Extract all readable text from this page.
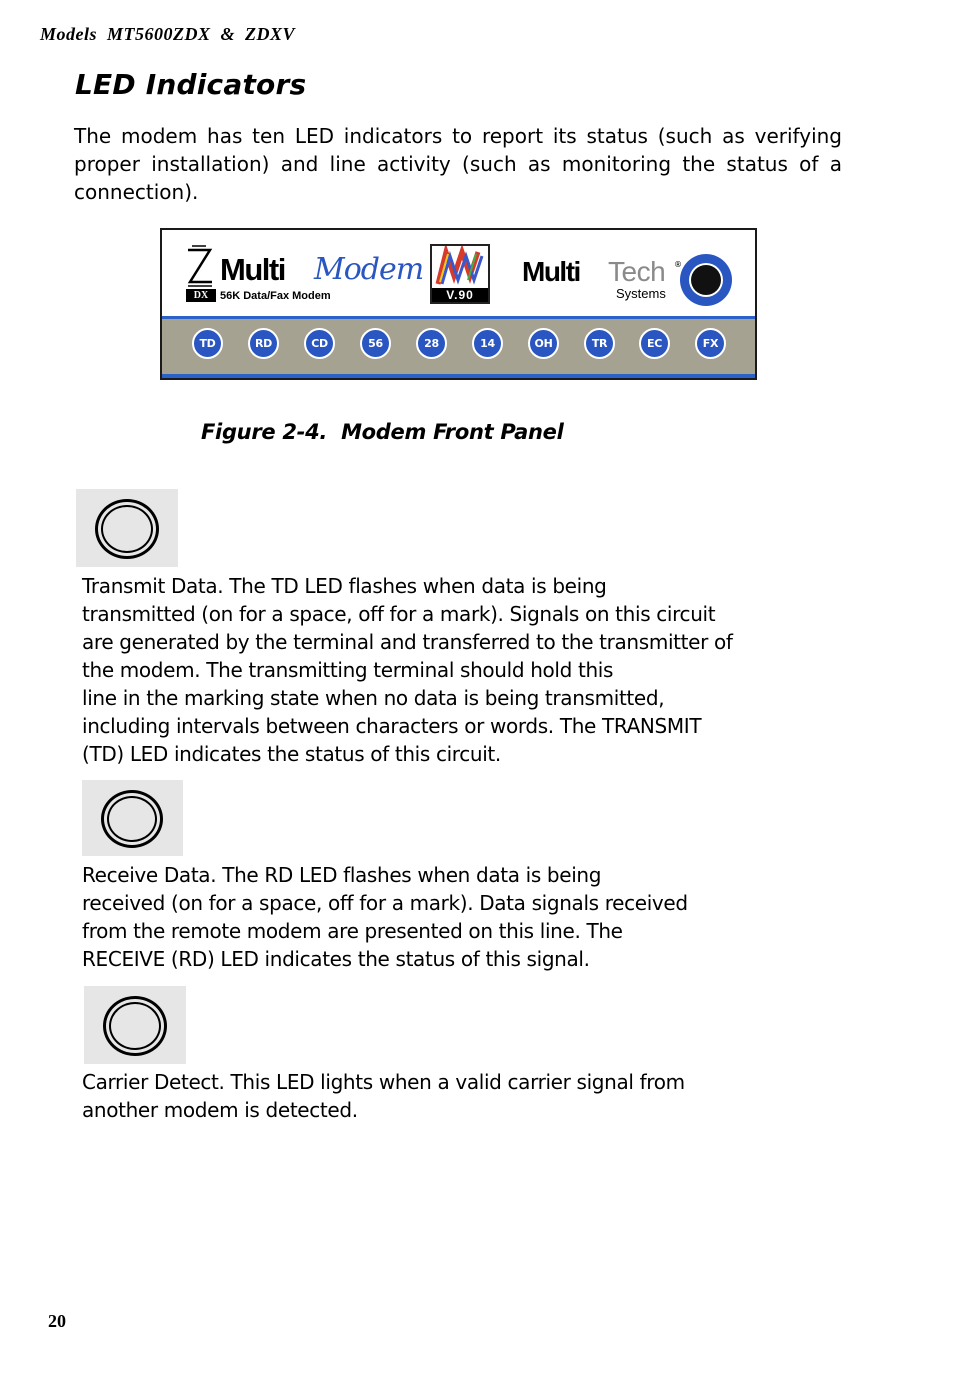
Models  MT5600ZDX  &  ZDXV
LED Indicators
The modem has ten LED indicators to report its status (such as verifying
proper installation) and line activity (such as monitoring the status of a
connection).
DX
Multi Modem
56K Data/Fax Modem	V.90
Multi Tech
Systems
®
TD	RD	CD	56	28	14	OH	TR	EC	FX
Figure 2-4.  Modem Front Panel
Transmit Data. The TD LED flashes when data is being
transmitted (on for a space, off for a mark). Signals on this circuit
are generated by the terminal and transferred to the transmitter of
the modem. The transmitting terminal should hold this
line in the marking state when no data is being transmitted,
including intervals between characters or words. The TRANSMIT
(TD) LED indicates the status of this circuit.
Receive Data. The RD LED flashes when data is being
received (on for a space, off for a mark). Data signals received
from the remote modem are presented on this line. The
RECEIVE (RD) LED indicates the status of this signal.
Carrier Detect. This LED lights when a valid carrier signal from
another modem is detected.
20
